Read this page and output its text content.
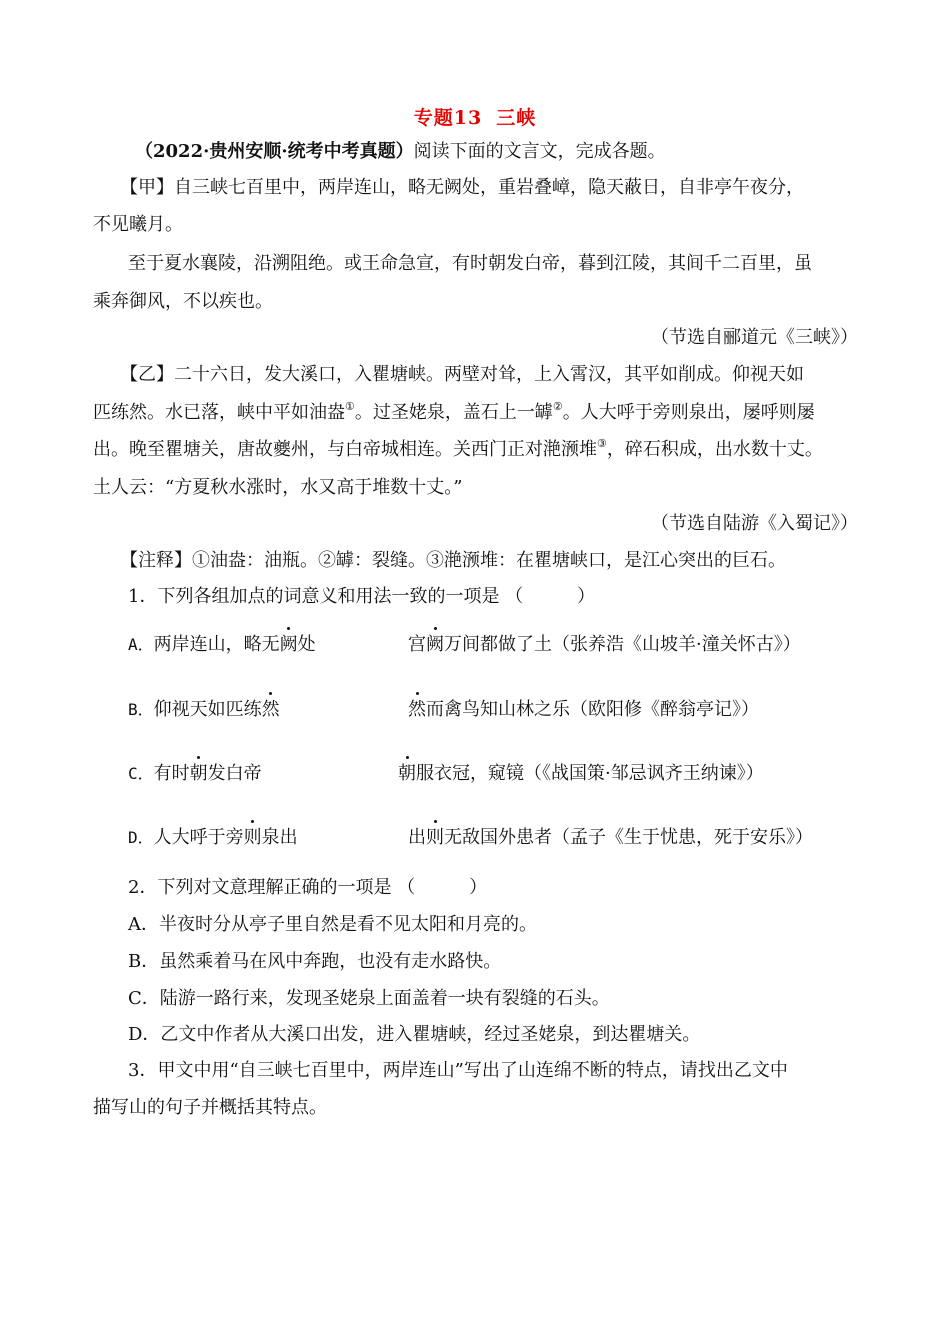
专题13 三峡
（2022·贵州安顺·统考中考真题）阅读下面的文言文，完成各题。
【甲】自三峡七百里中，两岸连山，略无阙处，重岩叠嶂，隐天蔽日，自非亭午夜分，
不见曦月。
至于夏水襄陵，沿溯阻绝。或王命急宣，有时朝发白帝，暮到江陵，其间千二百里，虽
乘奔御风，不以疾也。
（节选自郦道元《三峡》）
【乙】二十六日，发大溪口，入瞿塘峡。两壁对耸，上入霄汉，其平如削成。仰视天如
匹练然。水已落，峡中平如油盎①。过圣姥泉，盖石上一罅②。人大呼于旁则泉出，屡呼则屡
出。晚至瞿塘关，唐故夔州，与白帝城相连。关西门正对滟滪堆③，碎石积成，出水数十丈。
土人云：“方夏秋水涨时，水又高于堆数十丈。”
（节选自陆游《入蜀记》）
【注释】①油盎：油瓶。②罅：裂缝。③滟滪堆：在瞿塘峡口，是江心突出的巨石。
1．下列各组加点的词意义和用法一致的一项是 （　　　）
A．两岸连山，略无阙处	宫阙万间都做了土（张养浩《山坡羊·潼关怀古》）
B．仰视天如匹练然	然而禽鸟知山林之乐（欧阳修《醉翁亭记》）
C．有时朝发白帝	朝服衣冠，窥镜（《战国策·邹忌讽齐王纳谏》）
D．人大呼于旁则泉出	出则无敌国外患者（孟子《生于忧患，死于安乐》）
2．下列对文意理解正确的一项是 （　　　）
A．半夜时分从亭子里自然是看不见太阳和月亮的。
B．虽然乘着马在风中奔跑，也没有走水路快。
C．陆游一路行来，发现圣姥泉上面盖着一块有裂缝的石头。
D．乙文中作者从大溪口出发，进入瞿塘峡，经过圣姥泉，到达瞿塘关。
3．甲文中用“自三峡七百里中，两岸连山”写出了山连绵不断的特点，请找出乙文中
描写山的句子并概括其特点。
